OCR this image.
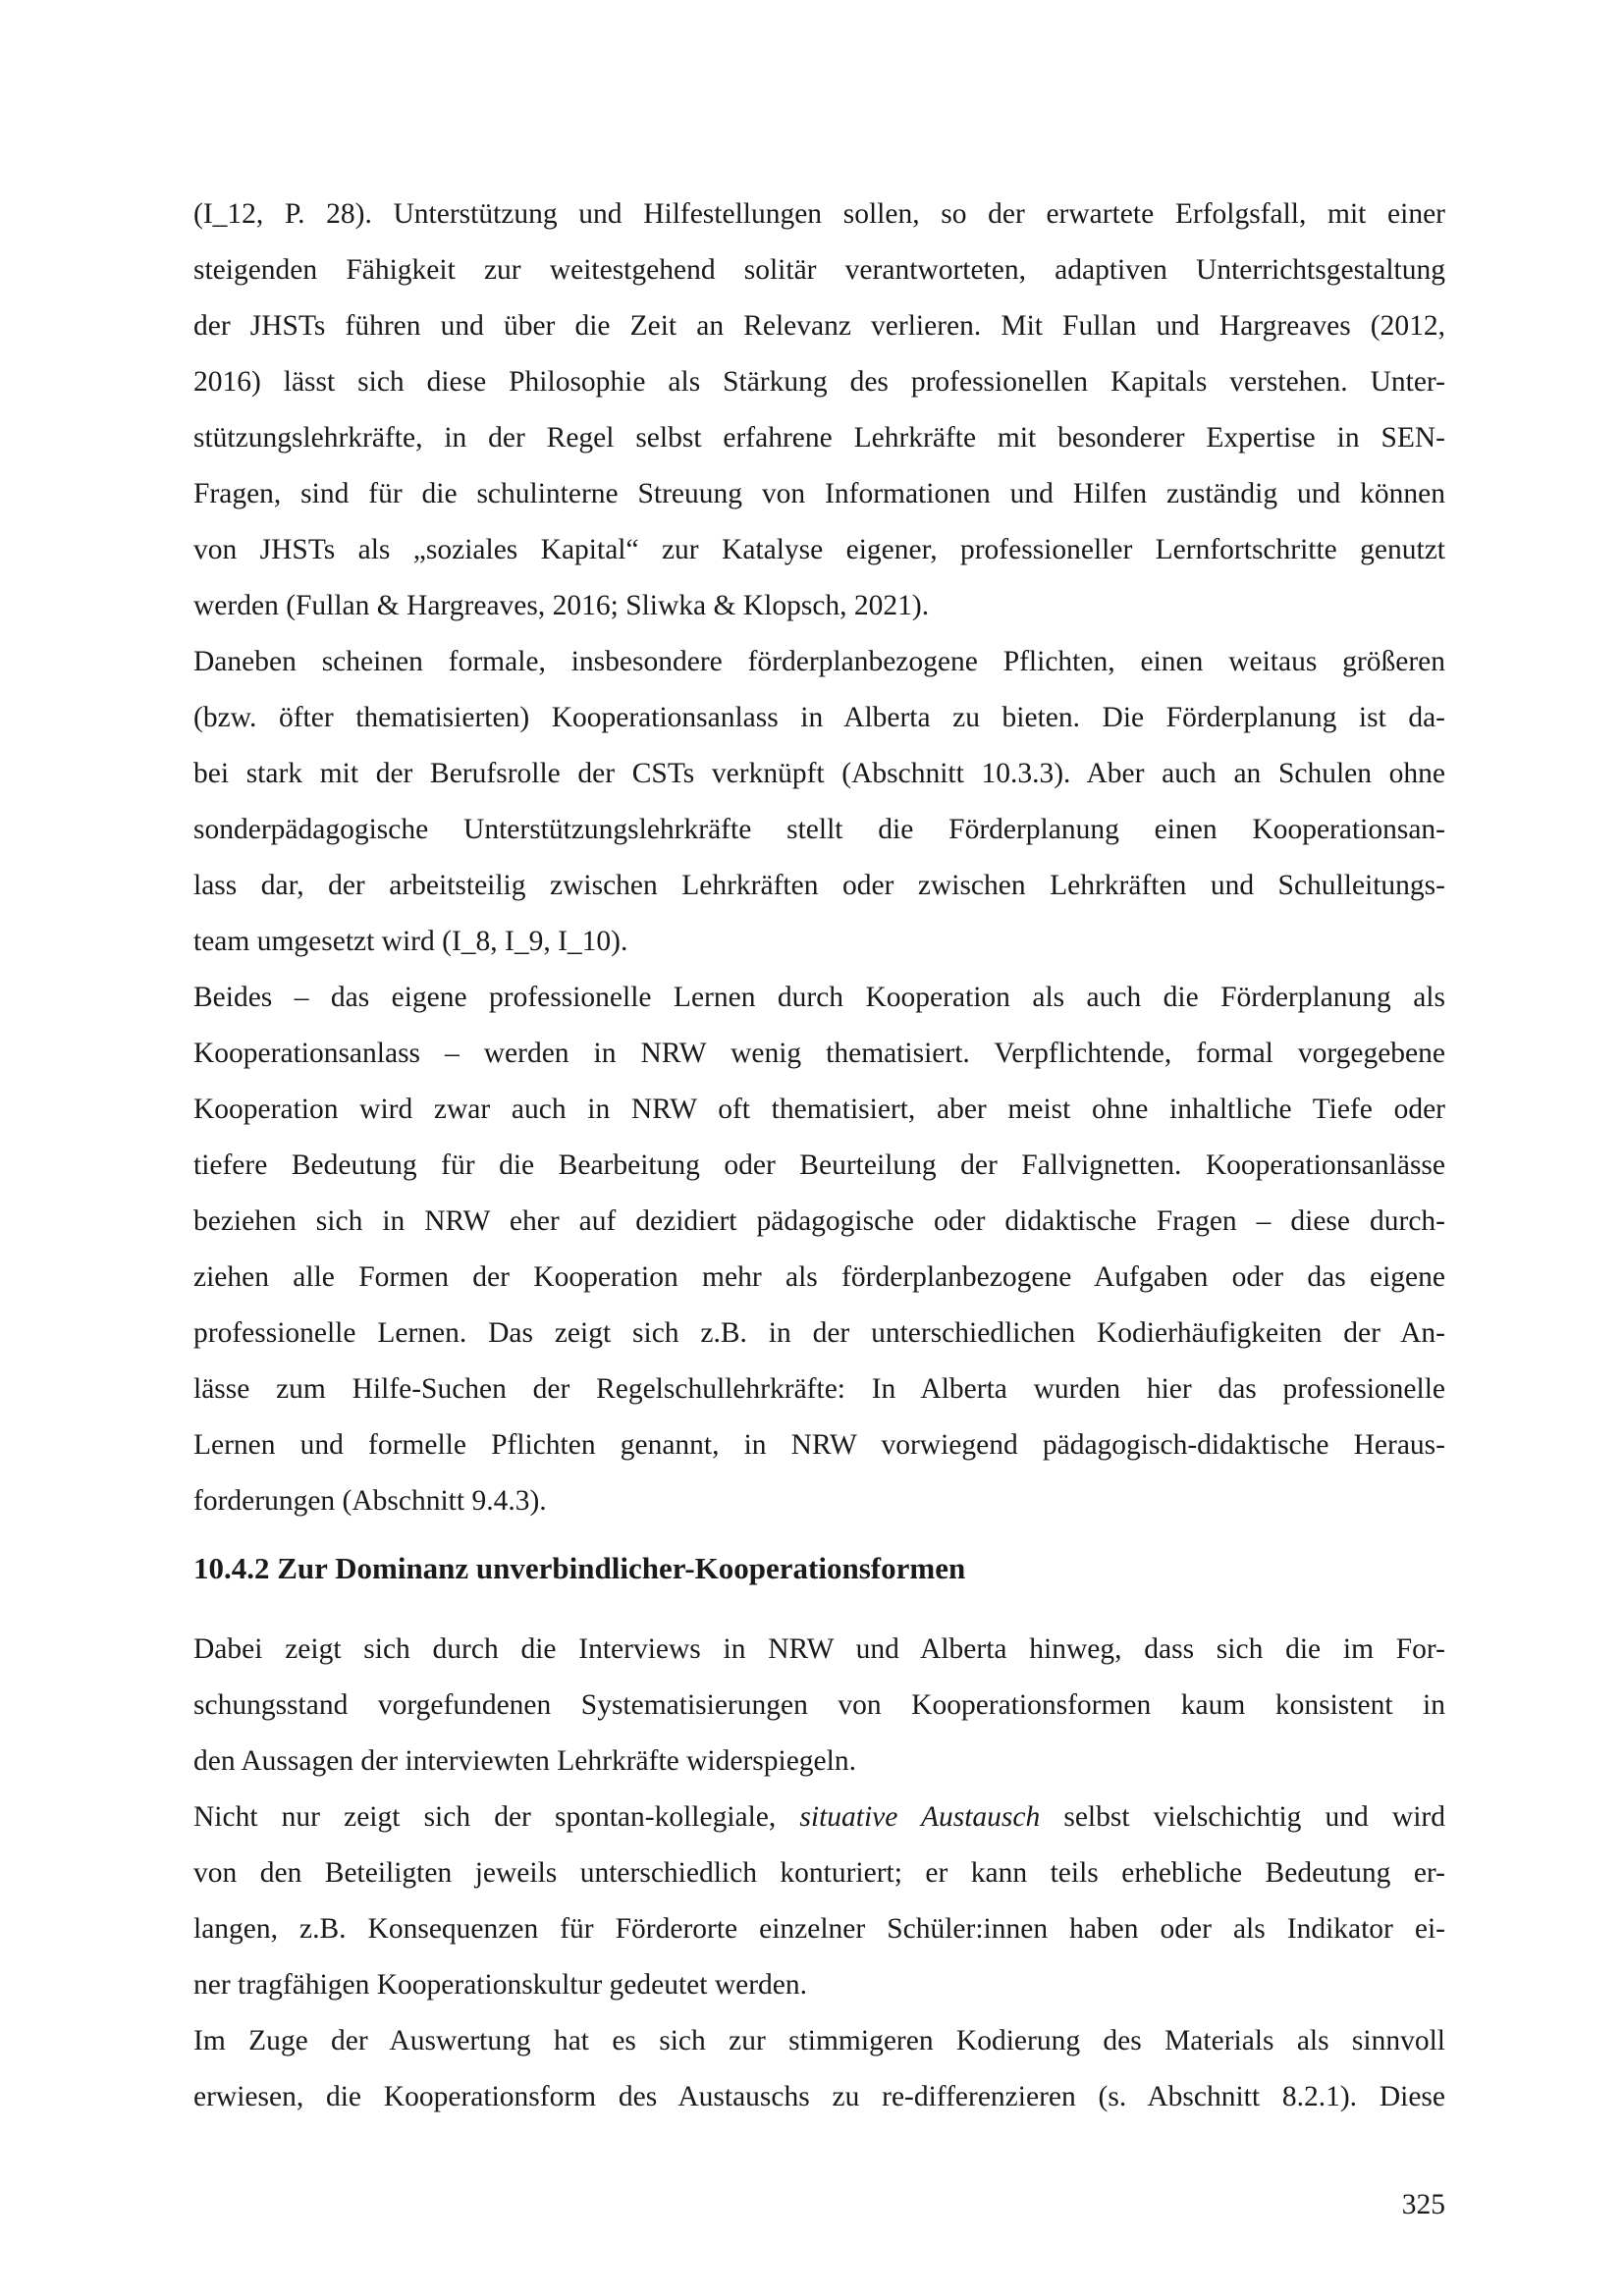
(I_12, P. 28). Unterstützung und Hilfestellungen sollen, so der erwartete Erfolgsfall, mit einer
steigenden Fähigkeit zur weitestgehend solitär verantworteten, adaptiven Unterrichtsgestaltung
der JHSTs führen und über die Zeit an Relevanz verlieren. Mit Fullan und Hargreaves (2012,
2016) lässt sich diese Philosophie als Stärkung des professionellen Kapitals verstehen. Unter-
stützungslehrkräfte, in der Regel selbst erfahrene Lehrkräfte mit besonderer Expertise in SEN-
Fragen, sind für die schulinterne Streuung von Informationen und Hilfen zuständig und können
von JHSTs als „soziales Kapital“ zur Katalyse eigener, professioneller Lernfortschritte genutzt
werden (Fullan & Hargreaves, 2016; Sliwka & Klopsch, 2021).
Daneben scheinen formale, insbesondere förderplanbezogene Pflichten, einen weitaus größeren
(bzw. öfter thematisierten) Kooperationsanlass in Alberta zu bieten. Die Förderplanung ist da-
bei stark mit der Berufsrolle der CSTs verknüpft (Abschnitt 10.3.3). Aber auch an Schulen ohne
sonderpädagogische Unterstützungslehrkräfte stellt die Förderplanung einen Kooperationsan-
lass dar, der arbeitsteilig zwischen Lehrkräften oder zwischen Lehrkräften und Schulleitungs-
team umgesetzt wird (I_8, I_9, I_10).
Beides – das eigene professionelle Lernen durch Kooperation als auch die Förderplanung als
Kooperationsanlass – werden in NRW wenig thematisiert. Verpflichtende, formal vorgegebene
Kooperation wird zwar auch in NRW oft thematisiert, aber meist ohne inhaltliche Tiefe oder
tiefere Bedeutung für die Bearbeitung oder Beurteilung der Fallvignetten. Kooperationsanlässe
beziehen sich in NRW eher auf dezidiert pädagogische oder didaktische Fragen – diese durch-
ziehen alle Formen der Kooperation mehr als förderplanbezogene Aufgaben oder das eigene
professionelle Lernen. Das zeigt sich z.B. in der unterschiedlichen Kodierhäufigkeiten der An-
lässe zum Hilfe-Suchen der Regelschullehrkräfte: In Alberta wurden hier das professionelle
Lernen und formelle Pflichten genannt, in NRW vorwiegend pädagogisch-didaktische Heraus-
forderungen (Abschnitt 9.4.3).
10.4.2 Zur Dominanz unverbindlicher-Kooperationsformen
Dabei zeigt sich durch die Interviews in NRW und Alberta hinweg, dass sich die im For-
schungsstand vorgefundenen Systematisierungen von Kooperationsformen kaum konsistent in
den Aussagen der interviewten Lehrkräfte widerspiegeln.
Nicht nur zeigt sich der spontan-kollegiale, situative Austausch selbst vielschichtig und wird
von den Beteiligten jeweils unterschiedlich konturiert; er kann teils erhebliche Bedeutung er-
langen, z.B. Konsequenzen für Förderorte einzelner Schüler:innen haben oder als Indikator ei-
ner tragfähigen Kooperationskultur gedeutet werden.
Im Zuge der Auswertung hat es sich zur stimmigeren Kodierung des Materials als sinnvoll
erwiesen, die Kooperationsform des Austauschs zu re-differenzieren (s. Abschnitt 8.2.1). Diese
325
